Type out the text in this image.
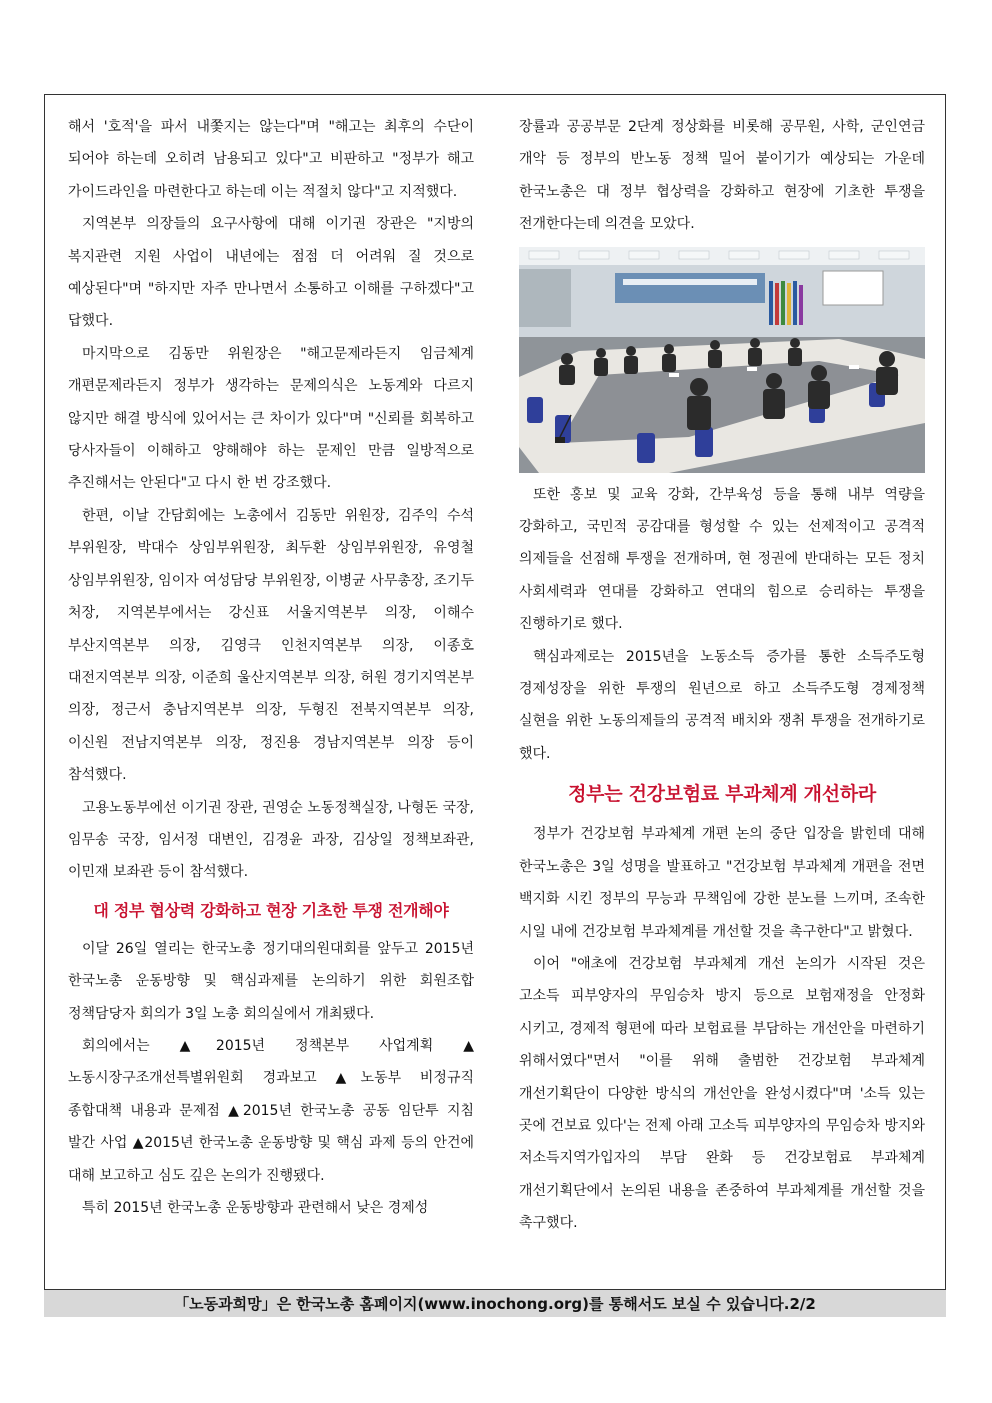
해서 '호적'을 파서 내쫓지는 않는다"며 "해고는 최후의 수단이 되어야 하는데 오히려 남용되고 있다"고 비판하고 "정부가 해고 가이드라인을 마련한다고 하는데 이는 적절치 않다"고 지적했다.

지역본부 의장들의 요구사항에 대해 이기권 장관은 "지방의 복지관련 지원 사업이 내년에는 점점 더 어려워 질 것으로 예상된다"며 "하지만 자주 만나면서 소통하고 이해를 구하겠다"고 답했다.

마지막으로 김동만 위원장은 "해고문제라든지 임금체계 개편문제라든지 정부가 생각하는 문제의식은 노동계와 다르지 않지만 해결 방식에 있어서는 큰 차이가 있다"며 "신뢰를 회복하고 당사자들이 이해하고 양해해야 하는 문제인 만큼 일방적으로 추진해서는 안된다"고 다시 한 번 강조했다.

한편, 이날 간담회에는 노총에서 김동만 위원장, 김주익 수석 부위원장, 박대수 상임부위원장, 최두환 상임부위원장, 유영철 상임부위원장, 임이자 여성담당 부위원장, 이병균 사무총장, 조기두 처장, 지역본부에서는 강신표 서울지역본부 의장, 이해수 부산지역본부 의장, 김영극 인천지역본부 의장, 이종호 대전지역본부 의장, 이준희 울산지역본부 의장, 허원 경기지역본부 의장, 정근서 충남지역본부 의장, 두형진 전북지역본부 의장, 이신원 전남지역본부 의장, 정진용 경남지역본부 의장 등이 참석했다.

고용노동부에선 이기권 장관, 권영순 노동정책실장, 나형돈 국장, 임무송 국장, 임서정 대변인, 김경윤 과장, 김상일 정책보좌관, 이민재 보좌관 등이 참석했다.

대 정부 협상력 강화하고 현장 기초한 투쟁 전개해야

이달 26일 열리는 한국노총 정기대의원대회를 앞두고 2015년 한국노총 운동방향 및 핵심과제를 논의하기 위한 회원조합 정책담당자 회의가 3일 노총 회의실에서 개최됐다.

회의에서는 ▲2015년 정책본부 사업계획 ▲노동시장구조개선특별위원회 경과보고 ▲노동부 비정규직 종합대책 내용과 문제점 ▲2015년 한국노총 공동 임단투 지침 발간 사업 ▲2015년 한국노총 운동방향 및 핵심 과제 등의 안건에 대해 보고하고 심도 깊은 논의가 진행됐다.

특히 2015년 한국노총 운동방향과 관련해서 낮은 경제성

장률과 공공부문 2단계 정상화를 비롯해 공무원, 사학, 군인연금 개악 등 정부의 반노동 정책 밀어 붙이기가 예상되는 가운데 한국노총은 대 정부 협상력을 강화하고 현장에 기초한 투쟁을 전개한다는데 의견을 모았다.

또한 홍보 및 교육 강화, 간부육성 등을 통해 내부 역량을 강화하고, 국민적 공감대를 형성할 수 있는 선제적이고 공격적 의제들을 선점해 투쟁을 전개하며, 현 정권에 반대하는 모든 정치 사회세력과 연대를 강화하고 연대의 힘으로 승리하는 투쟁을 진행하기로 했다.

핵심과제로는 2015년을 노동소득 증가를 통한 소득주도형 경제성장을 위한 투쟁의 원년으로 하고 소득주도형 경제정책 실현을 위한 노동의제들의 공격적 배치와 쟁취 투쟁을 전개하기로 했다.

정부는 건강보험료 부과체계 개선하라

정부가 건강보험 부과체계 개편 논의 중단 입장을 밝힌데 대해 한국노총은 3일 성명을 발표하고 "건강보험 부과체계 개편을 전면 백지화 시킨 정부의 무능과 무책임에 강한 분노를 느끼며, 조속한 시일 내에 건강보험 부과체계를 개선할 것을 촉구한다"고 밝혔다.

이어 "애초에 건강보험 부과체계 개선 논의가 시작된 것은 고소득 피부양자의 무임승차 방지 등으로 보험재정을 안정화 시키고, 경제적 형편에 따라 보험료를 부담하는 개선안을 마련하기 위해서였다"면서 "이를 위해 출범한 건강보험 부과체계 개선기획단이 다양한 방식의 개선안을 완성시켰다"며 '소득 있는 곳에 건보료 있다'는 전제 아래 고소득 피부양자의 무임승차 방지와 저소득지역가입자의 부담 완화 등 건강보험료 부과체계 개선기획단에서 논의된 내용을 존중하여 부과체계를 개선할 것을 촉구했다.

「노동과희망」은 한국노총 홈페이지(www.inochong.org)를 통해서도 보실 수 있습니다.2/2
